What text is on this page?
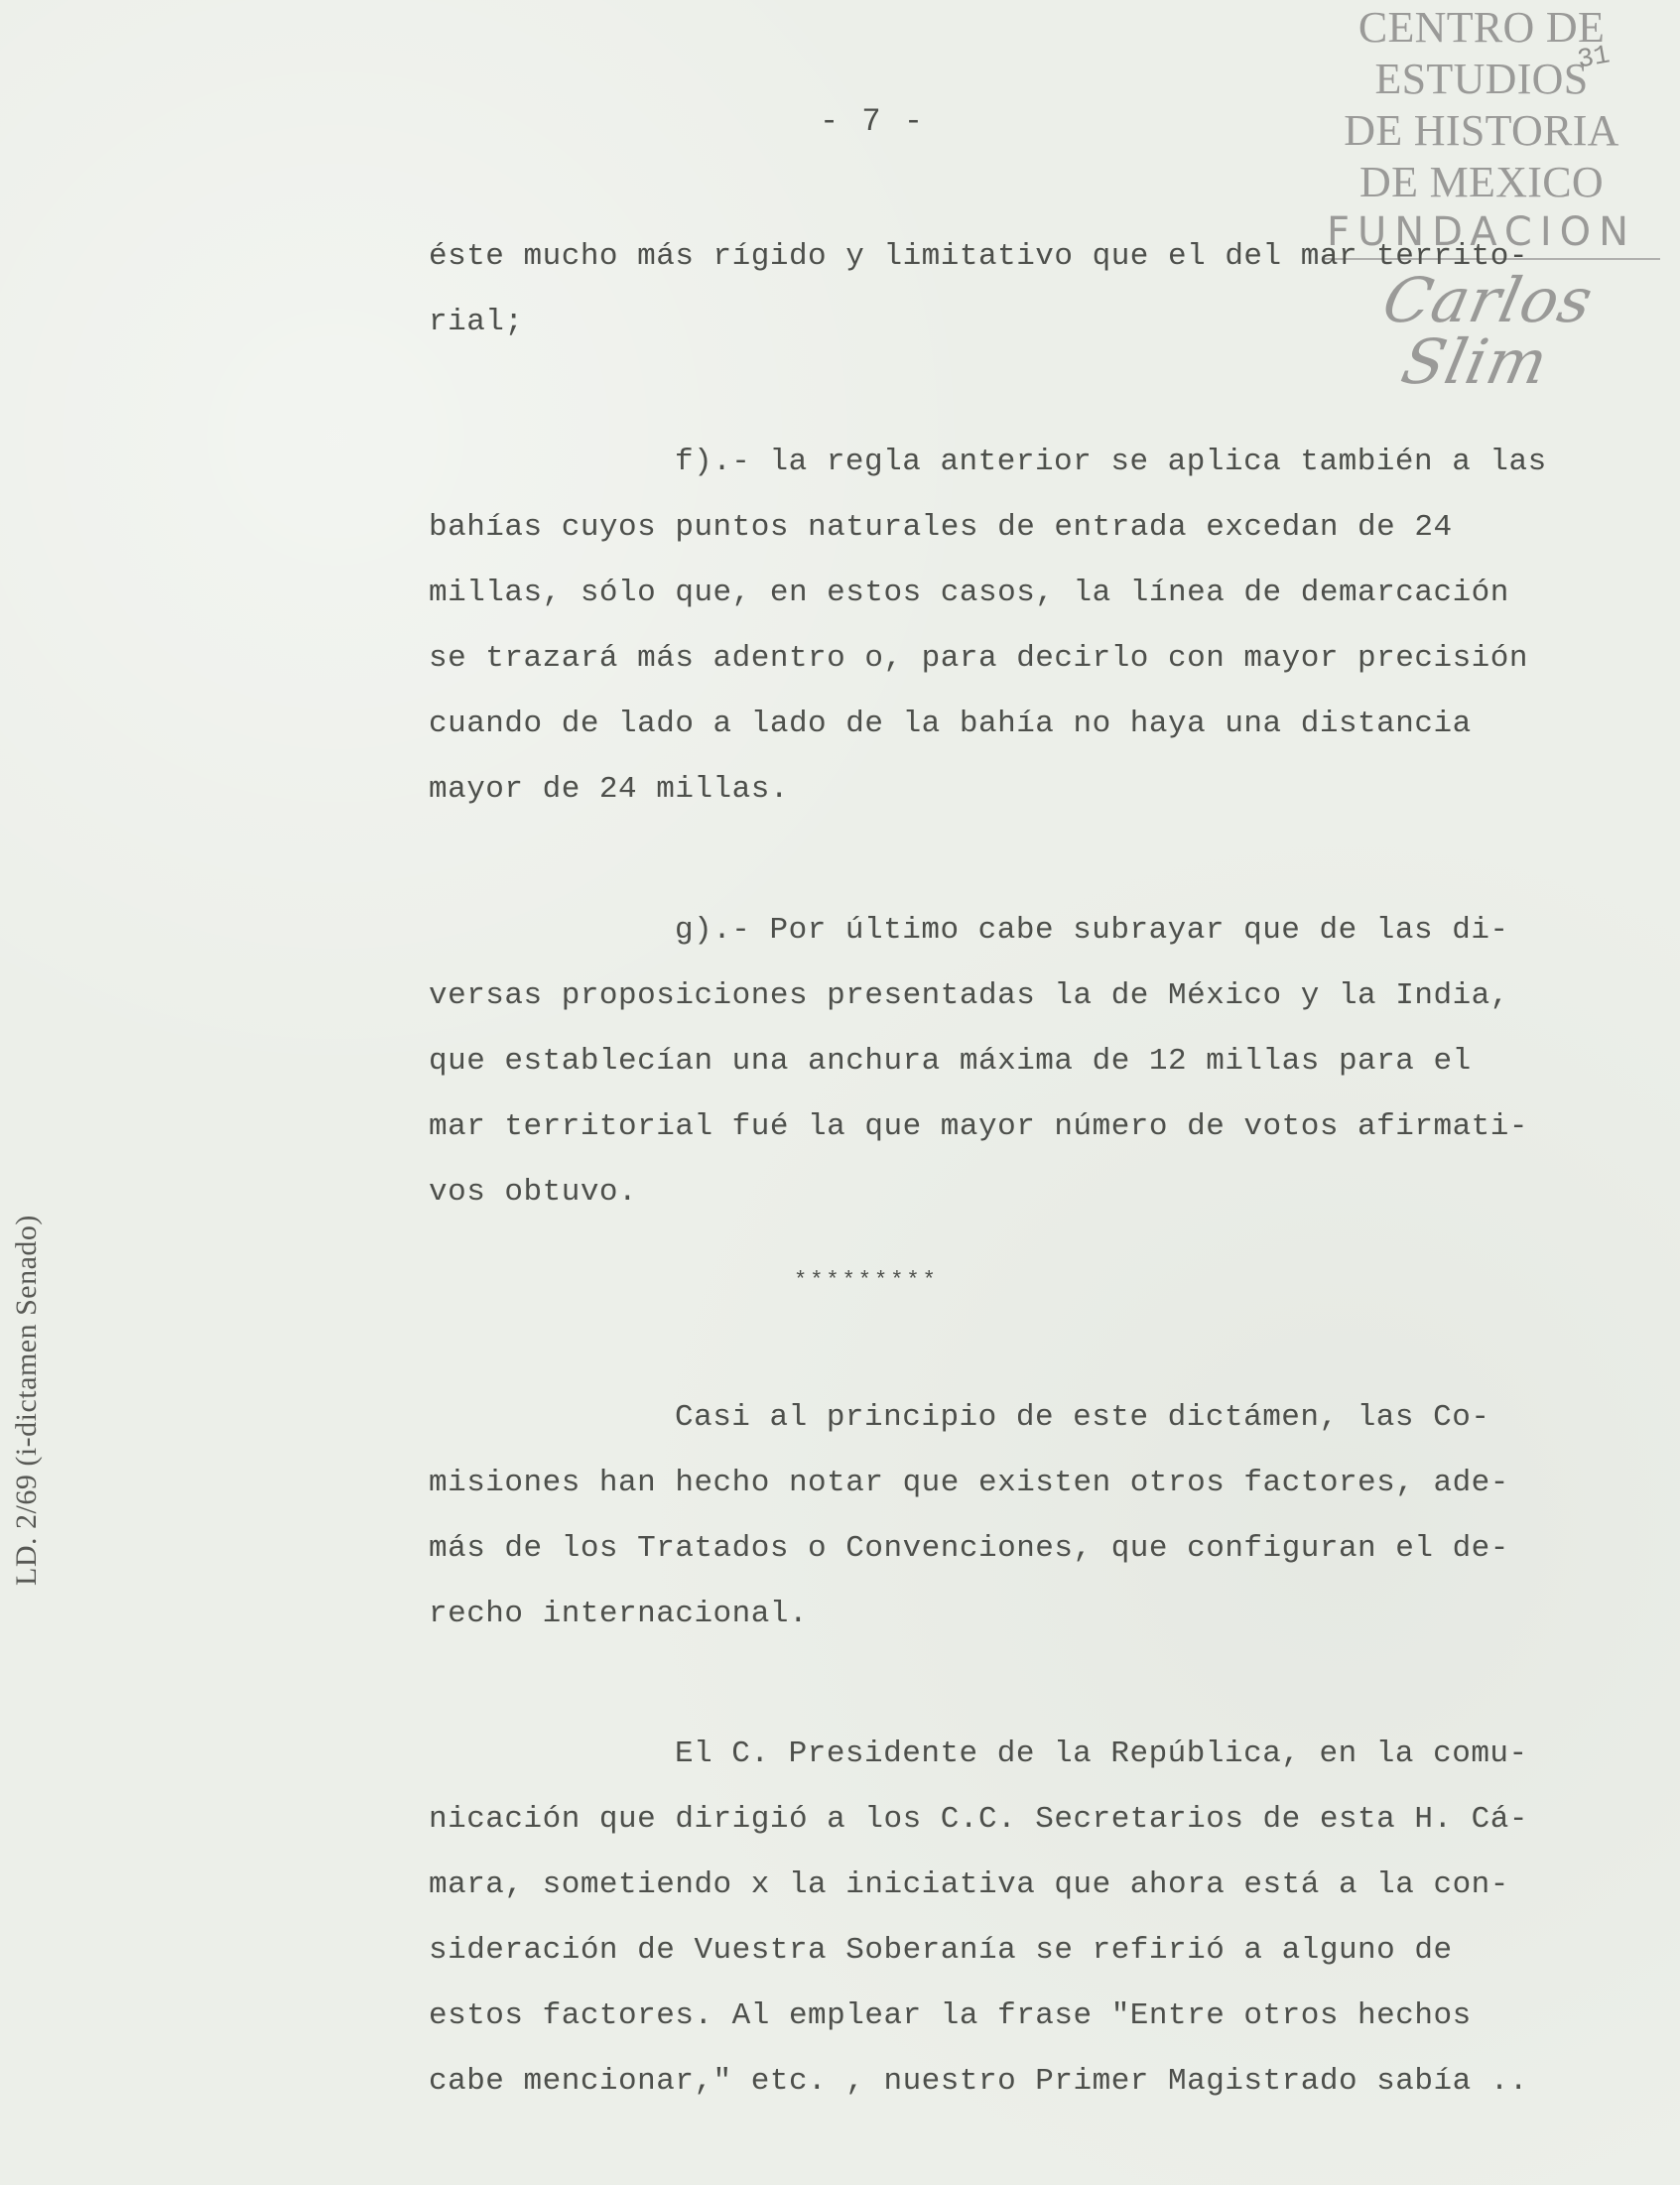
CENTRO DE
ESTUDIOS
DE HISTORIA
DE MEXICO
FUNDACION
Carlos Slim
- 7 -
31
éste mucho más rígido y limitativo que el del mar territo-
rial;
f).- la regla anterior se aplica también a las
bahías cuyos puntos naturales de entrada excedan de 24
millas, sólo que, en estos casos, la línea de demarcación
se trazará más adentro o, para decirlo con mayor precisión
cuando de lado a lado de la bahía no haya una distancia
mayor de 24 millas.
g).- Por último cabe subrayar que de las di-
versas proposiciones presentadas la de México y la India,
que establecían una anchura máxima de 12 millas para el
mar territorial fué la que mayor número de votos afirmati-
vos obtuvo.
*********
Casi al principio de este dictámen, las Co-
misiones han hecho notar que existen otros factores, ade-
más de los Tratados o Convenciones, que configuran el de-
recho internacional.
El C. Presidente de la República, en la comu-
nicación que dirigió a los C.C. Secretarios de esta H. Cá-
mara, sometiendo x la iniciativa que ahora está a la con-
sideración de Vuestra Soberanía se refirió a alguno de
estos factores. Al emplear la frase "Entre otros hechos
cabe mencionar," etc. , nuestro Primer Magistrado sabía ..
LD. 2/69 (i-dictamen Senado)
